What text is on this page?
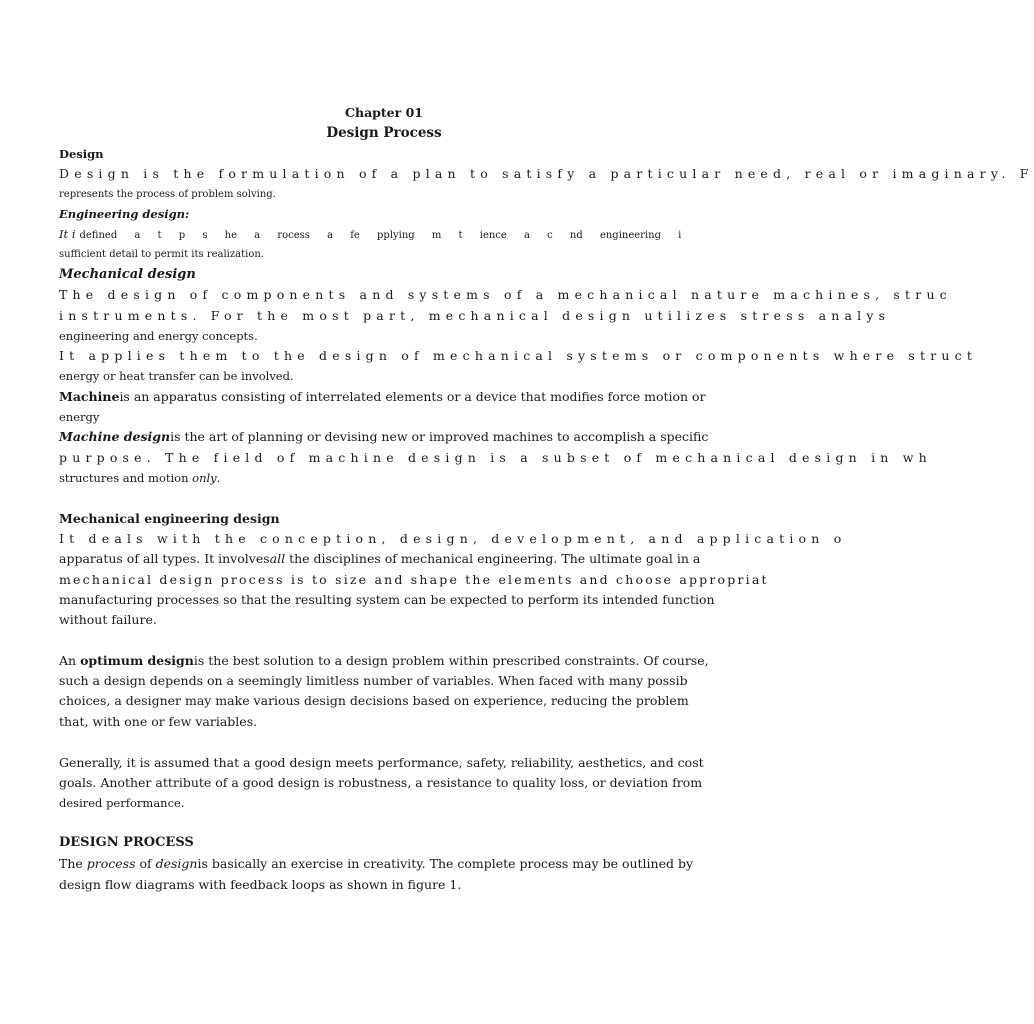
Chapter 01
Design Process
Design
Design is the formulation of a plan to satisfy a particular need, real or imaginary. F
represents the process of problem solving.
Engineering design:
It i defined a t p s he a rocess a fe pplying m t ience a c nd engineering i
sufficient detail to permit its realization.
Mechanical design
The design of components and systems of a mechanical nature machines, struc
instruments. For the most part, mechanical design utilizes stress analys
engineering and energy concepts.
It applies them to the design of mechanical systems or components where struct
energy or heat transfer can be involved.
Machineis an apparatus consisting of interrelated elements or a device that modifies force motion or
energy
Machine designis the art of planning or devising new or improved machines to accomplish a specific
purpose. The field of machine design is a subset of mechanical design in wh
structures and motion only.
Mechanical engineering design
It deals with the conception, design, development, and application o
apparatus of all types. It involvesall the disciplines of mechanical engineering. The ultimate goal in a
mechanical design process is to size and shape the elements and choose appropriat
manufacturing processes so that the resulting system can be expected to perform its intended function
without failure.
An optimum designis the best solution to a design problem within prescribed constraints. Of course,
such a design depends on a seemingly limitless number of variables. When faced with many possib
choices, a designer may make various design decisions based on experience, reducing the problem
that, with one or few variables.
Generally, it is assumed that a good design meets performance, safety, reliability, aesthetics, and cost
goals. Another attribute of a good design is robustness, a resistance to quality loss, or deviation from
desired performance.
DESIGN PROCESS
The process of designis basically an exercise in creativity. The complete process may be outlined by
design flow diagrams with feedback loops as shown in figure 1.
